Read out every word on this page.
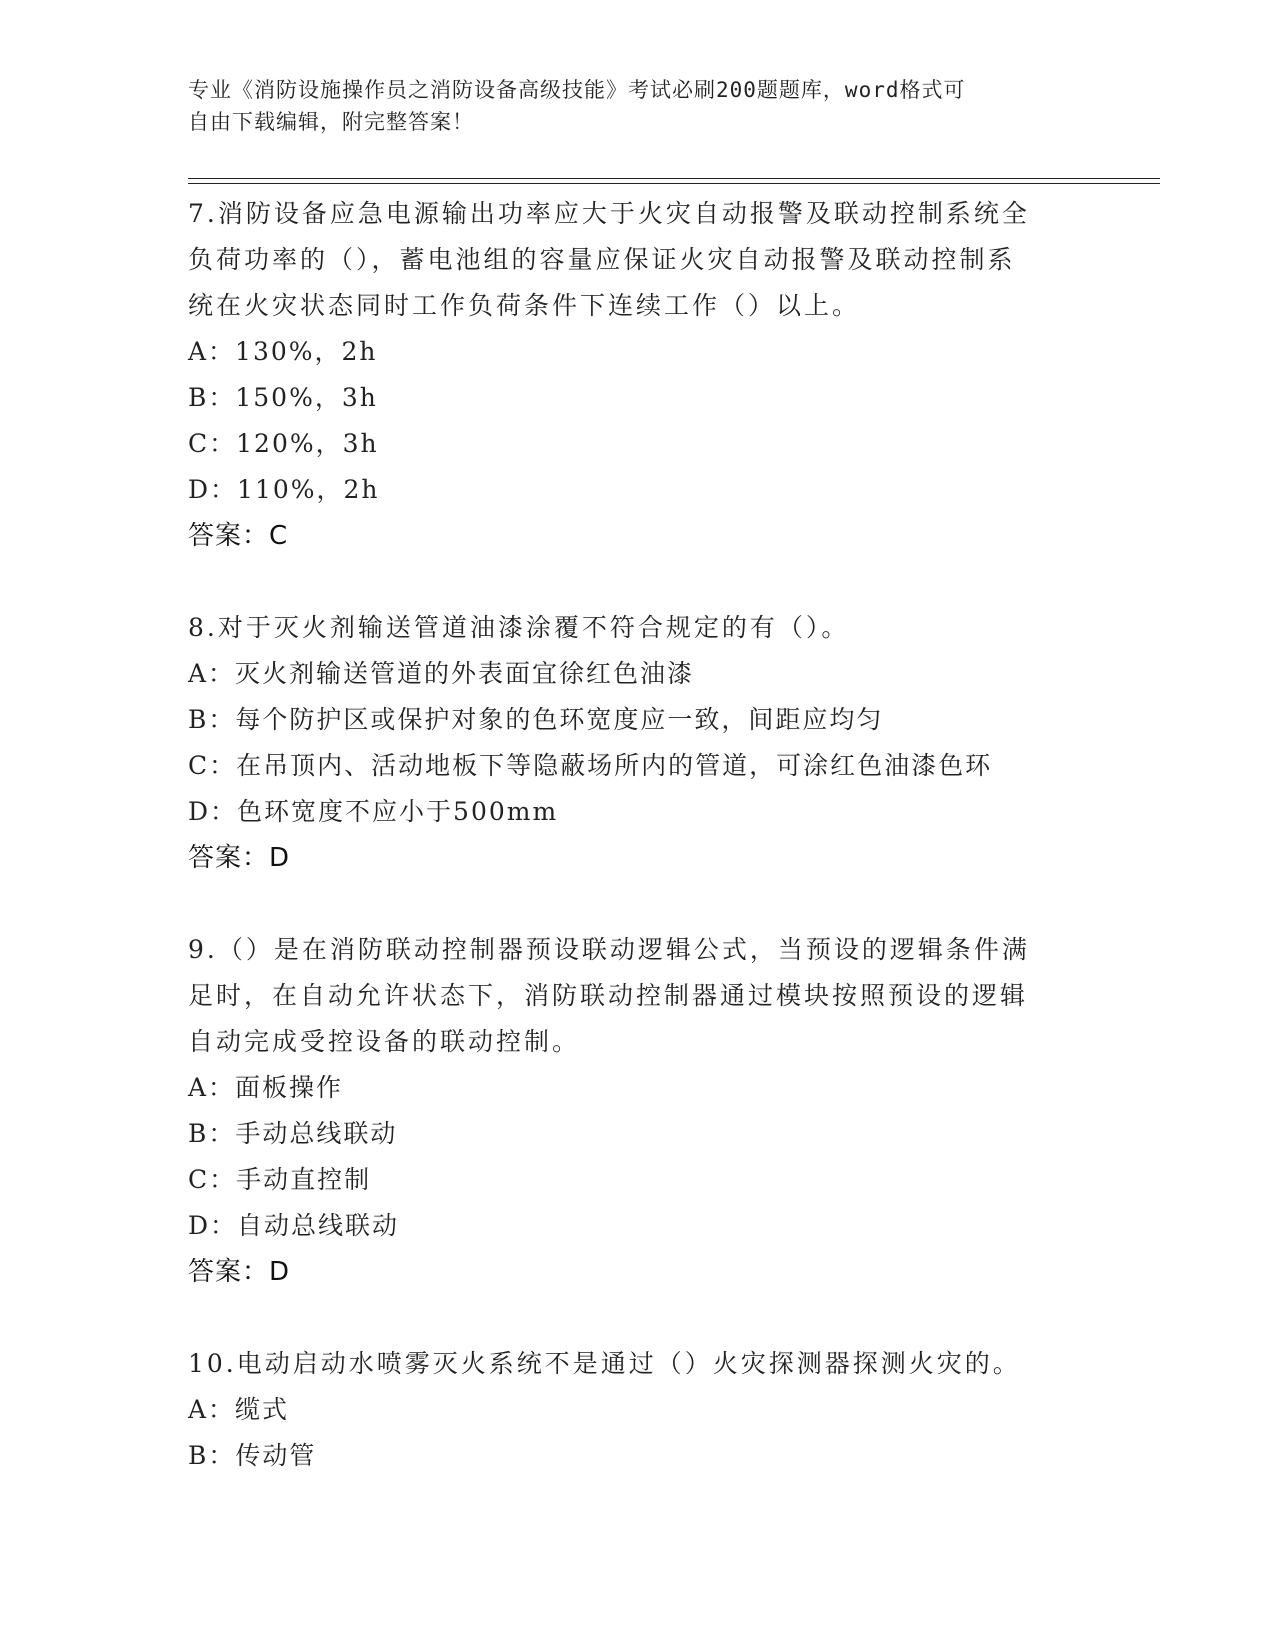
专业《消防设施操作员之消防设备高级技能》考试必刷200题题库，word格式可
自由下载编辑，附完整答案！
7.消防设备应急电源输出功率应大于火灾自动报警及联动控制系统全
负荷功率的（），蓄电池组的容量应保证火灾自动报警及联动控制系
统在火灾状态同时工作负荷条件下连续工作（）以上。
A：130%，2h
B：150%，3h
C：120%，3h
D：110%，2h
答案：C
8.对于灭火剂输送管道油漆涂覆不符合规定的有（）。
A：灭火剂输送管道的外表面宜徐红色油漆
B：每个防护区或保护对象的色环宽度应一致，间距应均匀
C：在吊顶内、活动地板下等隐蔽场所内的管道，可涂红色油漆色环
D：色环宽度不应小于500mm
答案：D
9.（）是在消防联动控制器预设联动逻辑公式，当预设的逻辑条件满
足时，在自动允许状态下，消防联动控制器通过模块按照预设的逻辑
自动完成受控设备的联动控制。
A：面板操作
B：手动总线联动
C：手动直控制
D：自动总线联动
答案：D
10.电动启动水喷雾灭火系统不是通过（）火灾探测器探测火灾的。
A：缆式
B：传动管
